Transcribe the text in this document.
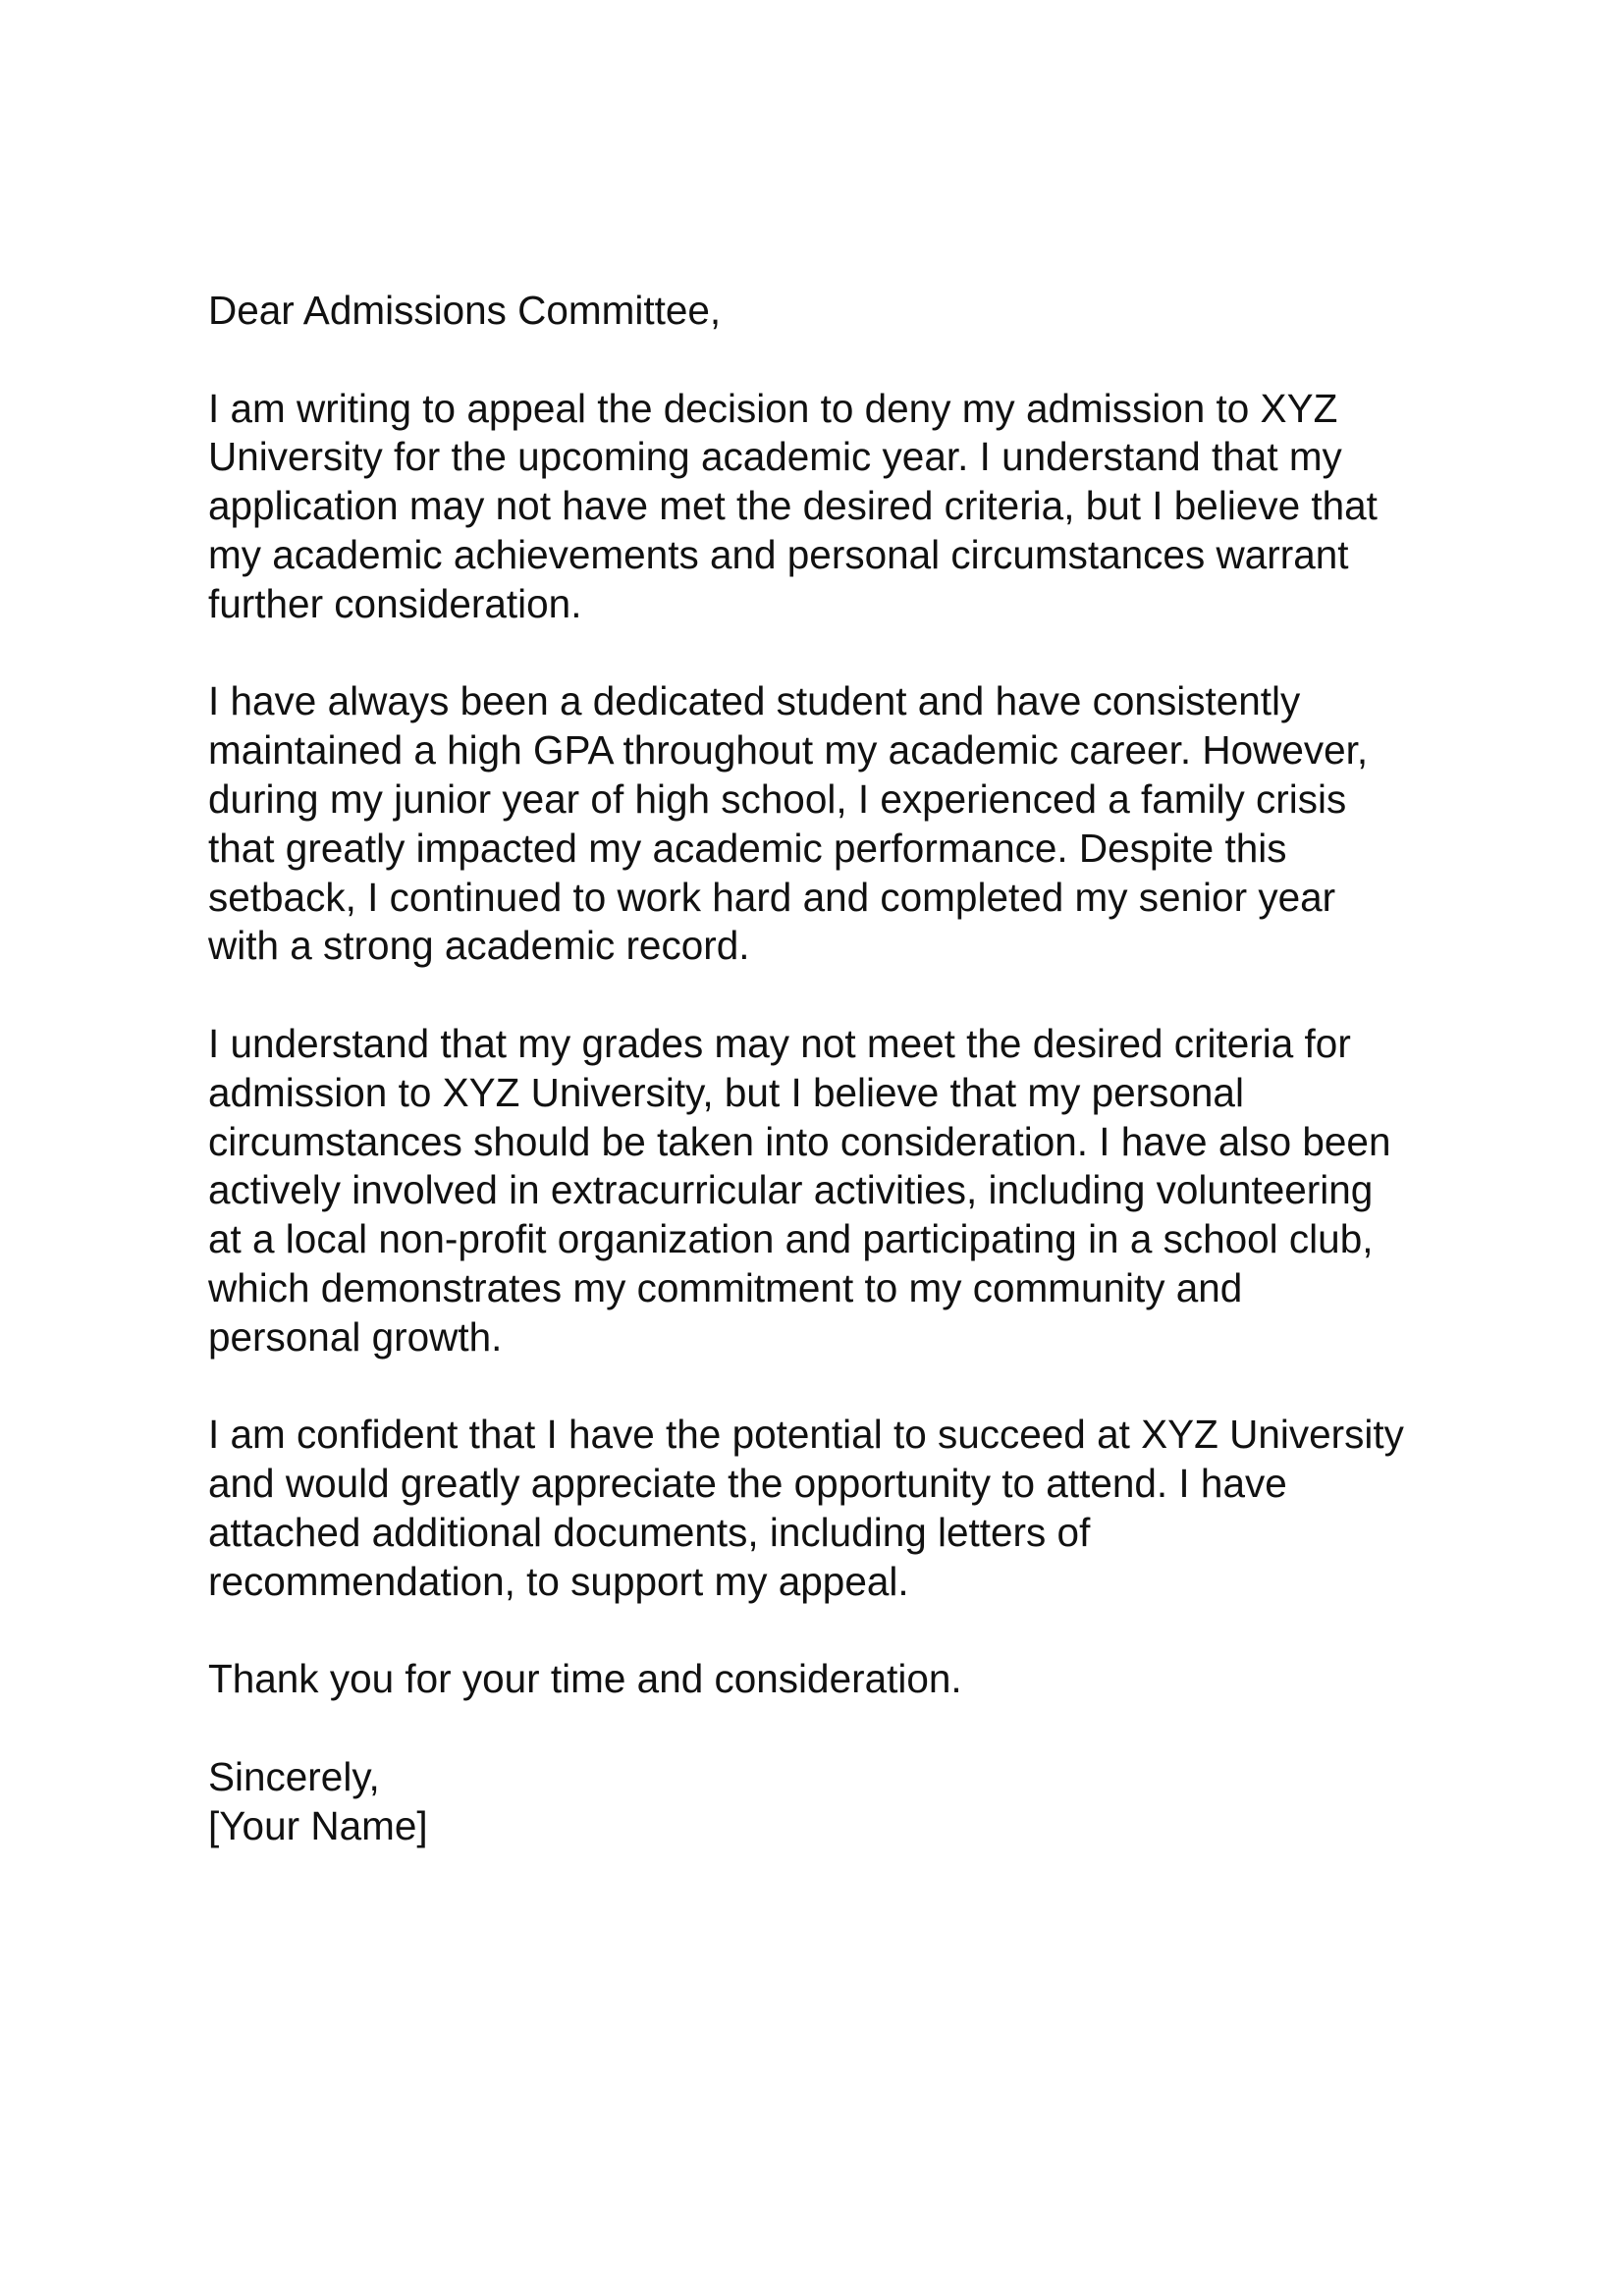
Dear Admissions Committee,
I am writing to appeal the decision to deny my admission to XYZ
University for the upcoming academic year. I understand that my
application may not have met the desired criteria, but I believe that
my academic achievements and personal circumstances warrant
further consideration.
I have always been a dedicated student and have consistently
maintained a high GPA throughout my academic career. However,
during my junior year of high school, I experienced a family crisis
that greatly impacted my academic performance. Despite this
setback, I continued to work hard and completed my senior year
with a strong academic record.
I understand that my grades may not meet the desired criteria for
admission to XYZ University, but I believe that my personal
circumstances should be taken into consideration. I have also been
actively involved in extracurricular activities, including volunteering
at a local non-profit organization and participating in a school club,
which demonstrates my commitment to my community and
personal growth.
I am confident that I have the potential to succeed at XYZ University
and would greatly appreciate the opportunity to attend. I have
attached additional documents, including letters of
recommendation, to support my appeal.
Thank you for your time and consideration.
Sincerely,
[Your Name]
